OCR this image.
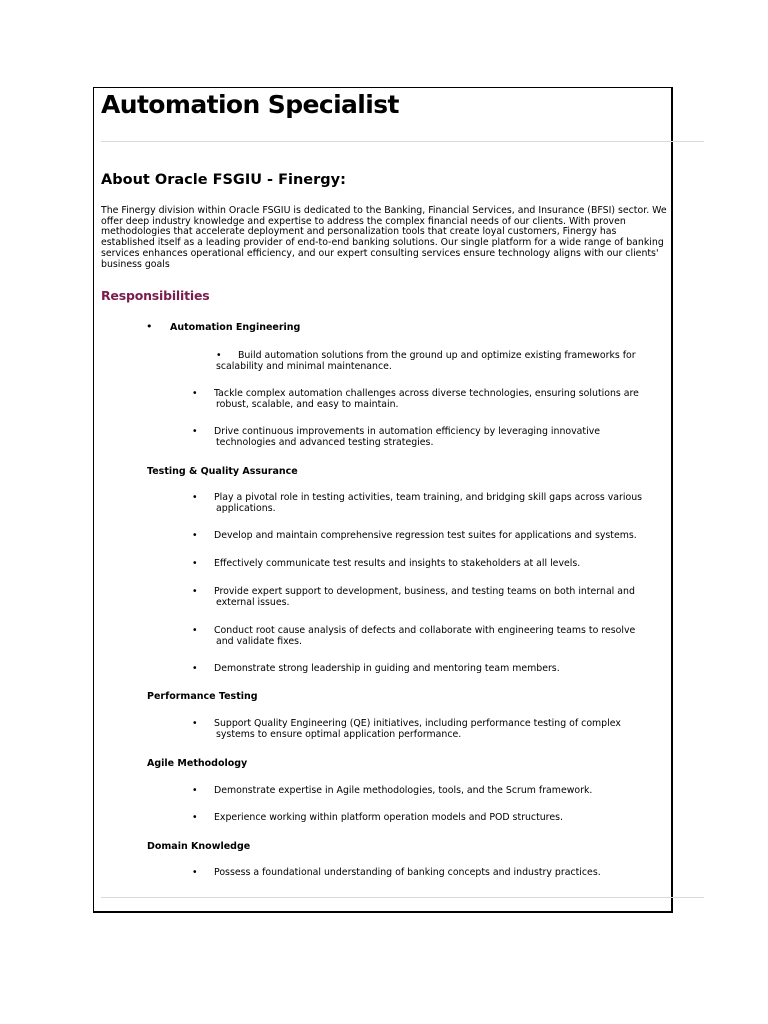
Automation Specialist
About Oracle FSGIU - Finergy:

The Finergy division within Oracle FSGIU is dedicated to the Banking, Financial Services, and Insurance (BFSI) sector. We offer deep industry knowledge and expertise to address the complex financial needs of our clients. With proven methodologies that accelerate deployment and personalization tools that create loyal customers, Finergy has established itself as a leading provider of end-to-end banking solutions. Our single platform for a wide range of banking services enhances operational efficiency, and our expert consulting services ensure technology aligns with our clients' business goals

Responsibilities
• Automation Engineering

• Build automation solutions from the ground up and optimize existing frameworks for

scalability and minimal maintenance.

• Tackle complex automation challenges across diverse technologies, ensuring solutions are
robust, scalable, and easy to maintain.

• Drive continuous improvements in automation efficiency by leveraging innovative
technologies and advanced testing strategies.

Testing & Quality Assurance

• Play a pivotal role in testing activities, team training, and bridging skill gaps across various
applications.

• Develop and maintain comprehensive regression test suites for applications and systems.

• Effectively communicate test results and insights to stakeholders at all levels.

• Provide expert support to development, business, and testing teams on both internal and
external issues.

• Conduct root cause analysis of defects and collaborate with engineering teams to resolve
and validate fixes.

• Demonstrate strong leadership in guiding and mentoring team members.

Performance Testing

• Support Quality Engineering (QE) initiatives, including performance testing of complex
systems to ensure optimal application performance.

Agile Methodology

• Demonstrate expertise in Agile methodologies, tools, and the Scrum framework.

• Experience working within platform operation models and POD structures.

Domain Knowledge

• Possess a foundational understanding of banking concepts and industry practices.
